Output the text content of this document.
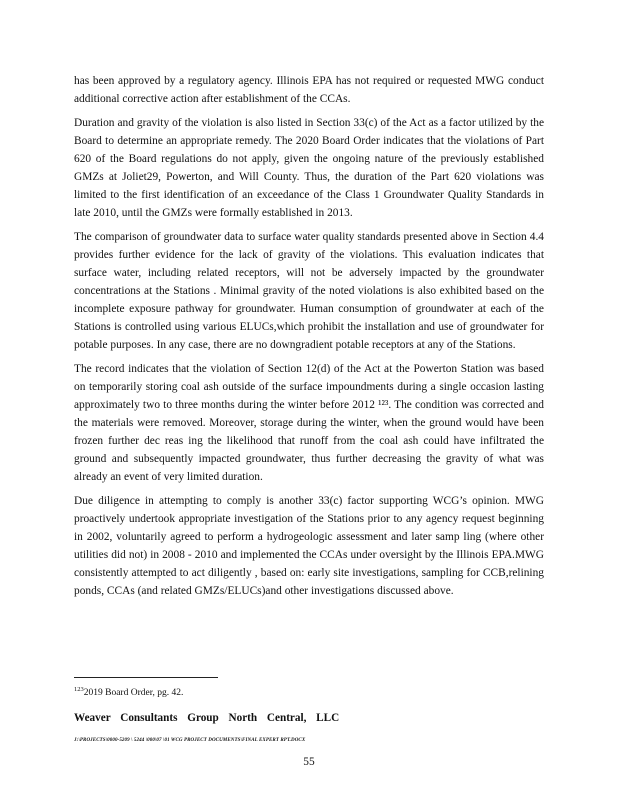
has been approved by a regulatory agency. Illinois EPA has not required or requested MWG conduct additional corrective action after establishment of the CCAs.

Duration and gravity of the violation is also listed in Section 33(c) of the Act as a factor utilized by the Board to determine an appropriate remedy. The 2020 Board Order indicates that the violations of Part 620 of the Board regulations do not apply, given the ongoing nature of the previously established GMZs at Joliet29, Powerton, and Will County. Thus, the duration of the Part 620 violations was limited to the first identification of an exceedance of the Class 1 Groundwater Quality Standards in late 2010, until the GMZs were formally established in 2013.

The comparison of groundwater data to surface water quality standards presented above in Section 4.4 provides further evidence for the lack of gravity of the violations. This evaluation indicates that surface water, including related receptors, will not be adversely impacted by the groundwater concentrations at the Stations . Minimal gravity of the noted violations is also exhibited based on the incomplete exposure pathway for groundwater. Human consumption of groundwater at each of the Stations is controlled using various ELUCs,which prohibit the installation and use of groundwater for potable purposes. In any case, there are no downgradient potable receptors at any of the Stations.

The record indicates that the violation of Section 12(d) of the Act at the Powerton Station was based on temporarily storing coal ash outside of the surface impoundments during a single occasion lasting approximately two to three months during the winter before 2012 ¹²³. The condition was corrected and the materials were removed. Moreover, storage during the winter, when the ground would have been frozen further dec reas ing the likelihood that runoff from the coal ash could have infiltrated the ground and subsequently impacted groundwater, thus further decreasing the gravity of what was already an event of very limited duration.

Due diligence in attempting to comply is another 33(c) factor supporting WCG’s opinion. MWG proactively undertook appropriate investigation of the Stations prior to any agency request beginning in 2002, voluntarily agreed to perform a hydrogeologic assessment and later samp ling (where other utilities did not) in 2008 - 2010 and implemented the CCAs under oversight by the Illinois EPA.MWG consistently attempted to act diligently , based on: early site investigations, sampling for CCB,relining ponds, CCAs (and related GMZs/ELUCs)and other investigations discussed above.

$^{123}$2019 Board Order, pg. 42.
Weaver Consultants Group North Central, LLC
J:\PROJECTS\0000-5209 \ 5244 \000\07 \01 WCG PROJECT DOCUMENTS\FINAL EXPERT RPT.DOCX
55
